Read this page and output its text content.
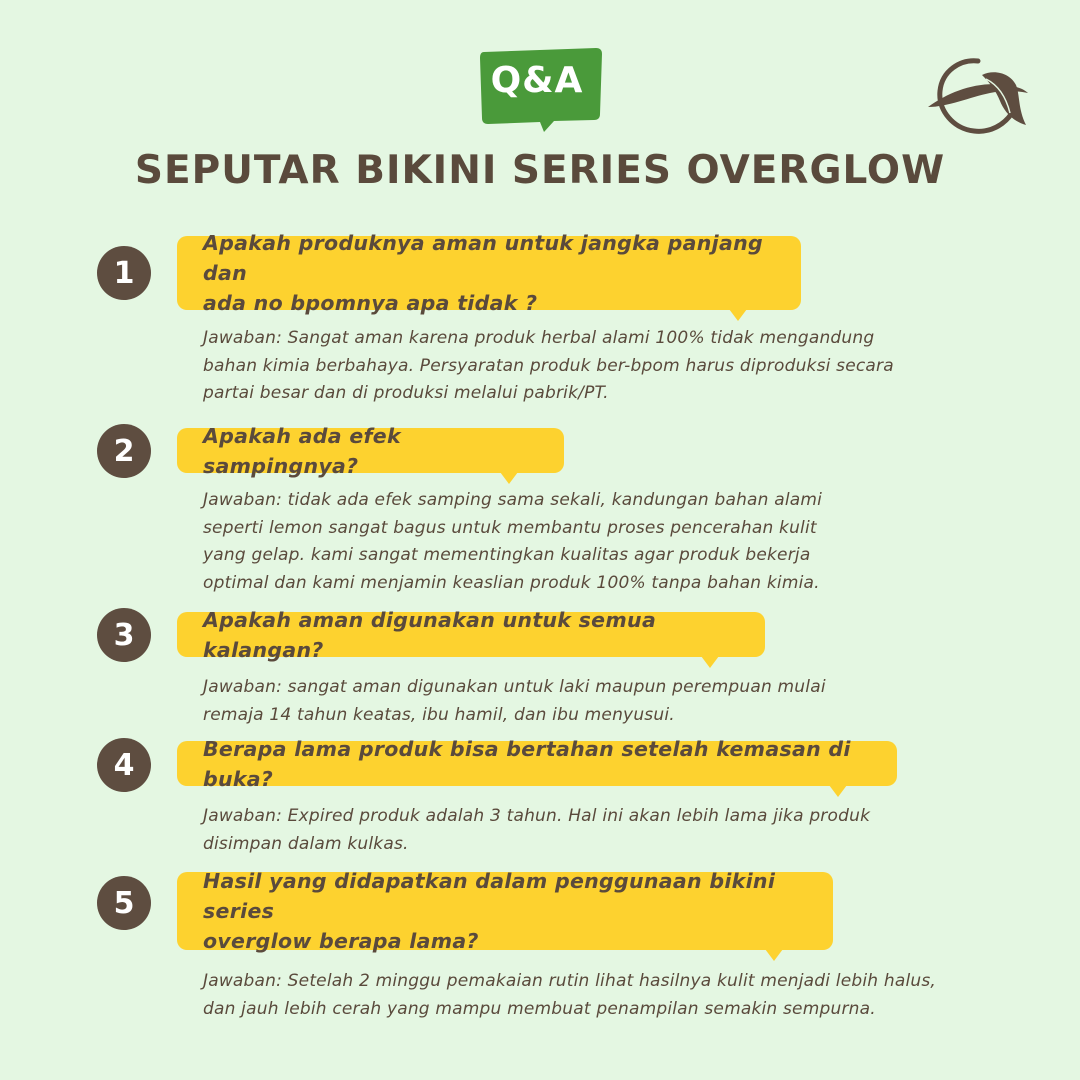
Q&A
SEPUTAR BIKINI SERIES OVERGLOW
1
Apakah produknya aman untuk jangka panjang dan
ada no bpomnya apa tidak ?
Jawaban: Sangat aman karena produk herbal alami 100% tidak mengandung
bahan kimia berbahaya. Persyaratan produk ber-bpom harus diproduksi secara
partai besar dan di produksi melalui pabrik/PT.
2	Apakah ada efek sampingnya?
Jawaban: tidak ada efek samping sama sekali, kandungan bahan alami
seperti lemon sangat bagus untuk membantu proses pencerahan kulit
yang gelap. kami sangat mementingkan kualitas agar produk bekerja
optimal dan kami menjamin keaslian produk 100% tanpa bahan kimia.
3	Apakah aman digunakan untuk semua kalangan?
Jawaban: sangat aman digunakan untuk laki maupun perempuan mulai
remaja 14 tahun keatas, ibu hamil, dan ibu menyusui.
4	Berapa lama produk bisa bertahan setelah kemasan di buka?
Jawaban: Expired produk adalah 3 tahun. Hal ini akan lebih lama jika produk
disimpan dalam kulkas.
5
Hasil yang didapatkan dalam penggunaan bikini series
overglow berapa lama?
Jawaban: Setelah 2 minggu pemakaian rutin lihat hasilnya kulit menjadi lebih halus,
dan jauh lebih cerah yang mampu membuat penampilan semakin sempurna.
